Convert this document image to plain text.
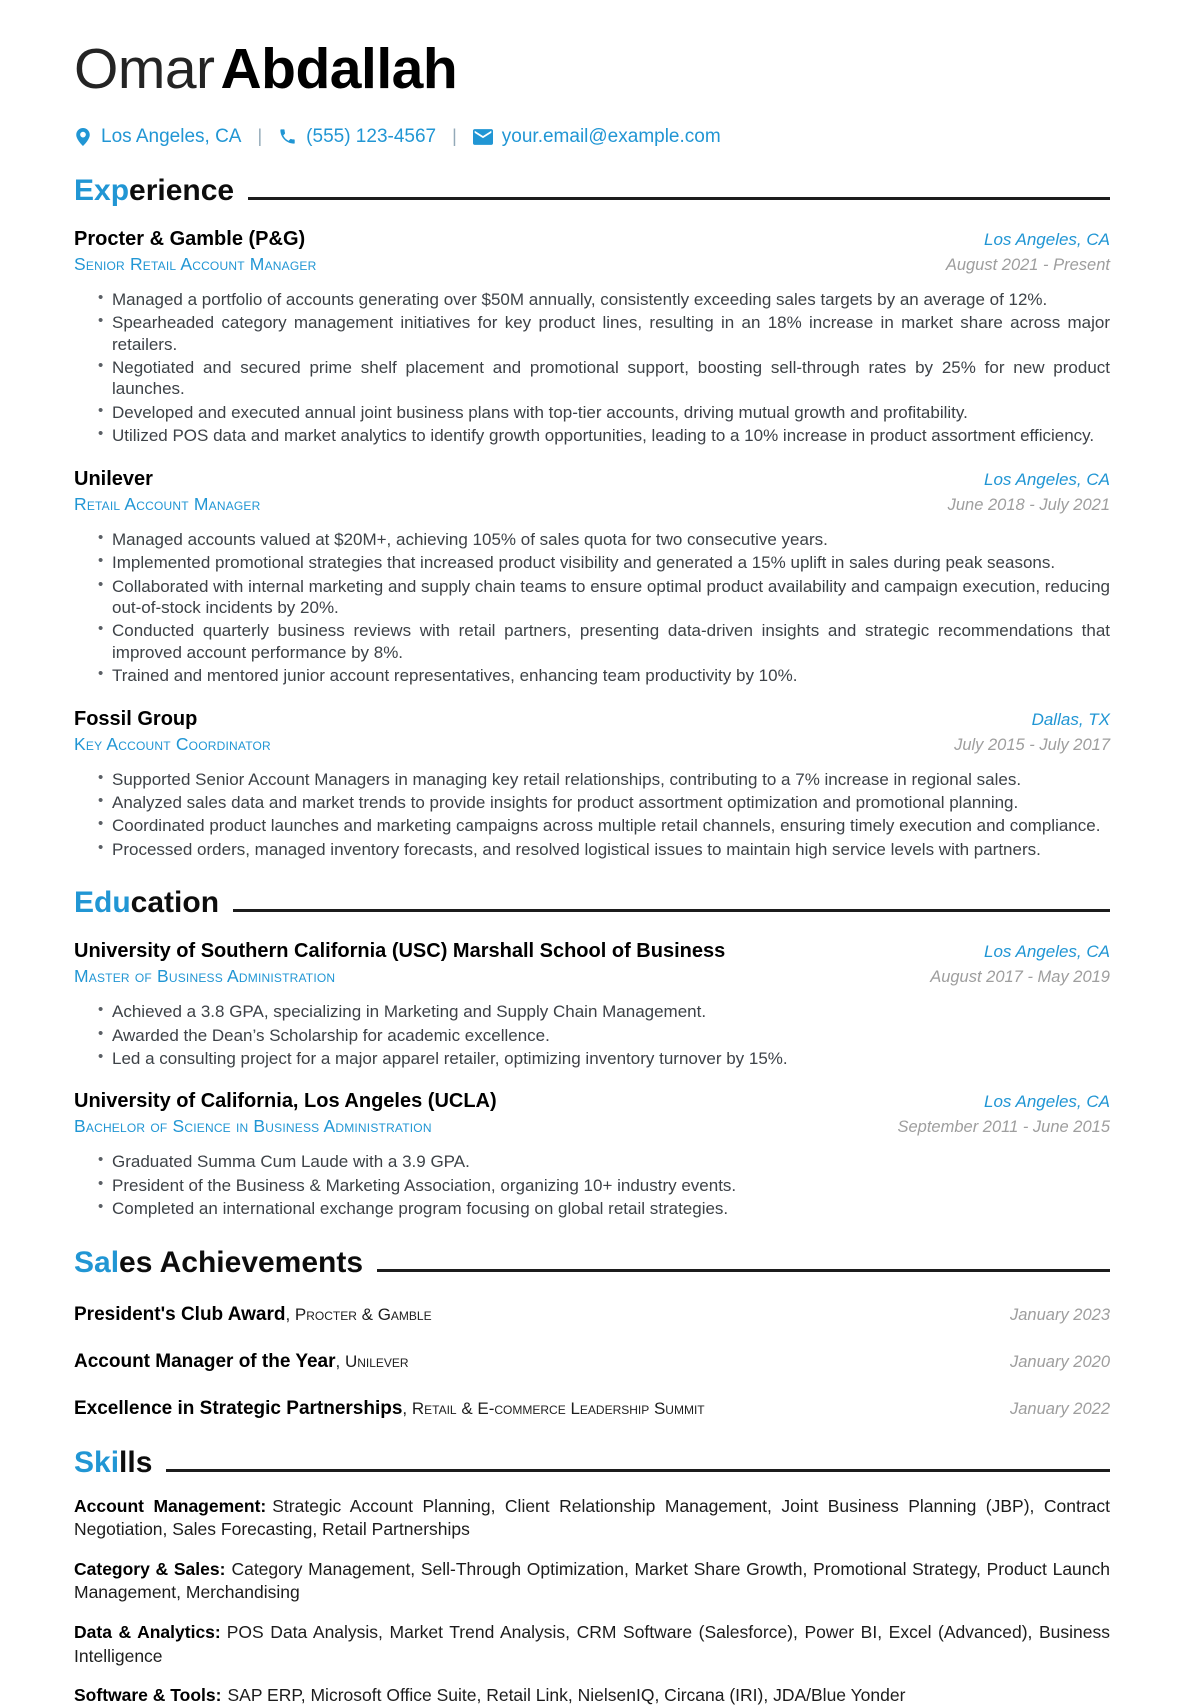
Omar Abdallah
Los Angeles, CA | (555) 123-4567 | your.email@example.com
Exp erience
Procter & Gamble (P&G)	Los Angeles, CA
Senior Retail Account Manager	August 2021 - Present
• Managed a portfolio of accounts generating over $50M annually, consistently exceeding sales targets by an average of 12%.
• Spearheaded category management initiatives for key product lines, resulting in an 18% increase in market share across major retailers.
• Negotiated and secured prime shelf placement and promotional support, boosting sell-through rates by 25% for new product launches.
• Developed and executed annual joint business plans with top-tier accounts, driving mutual growth and profitability.
• Utilized POS data and market analytics to identify growth opportunities, leading to a 10% increase in product assortment efficiency.
Unilever	Los Angeles, CA
Retail Account Manager	June 2018 - July 2021
• Managed accounts valued at $20M+, achieving 105% of sales quota for two consecutive years.
• Implemented promotional strategies that increased product visibility and generated a 15% uplift in sales during peak seasons.
• Collaborated with internal marketing and supply chain teams to ensure optimal product availability and campaign execution, reducing out-of-stock incidents by 20%.
• Conducted quarterly business reviews with retail partners, presenting data-driven insights and strategic recommendations that improved account performance by 8%.
• Trained and mentored junior account representatives, enhancing team productivity by 10%.
Fossil Group	Dallas, TX
Key Account Coordinator	July 2015 - July 2017
• Supported Senior Account Managers in managing key retail relationships, contributing to a 7% increase in regional sales.
• Analyzed sales data and market trends to provide insights for product assortment optimization and promotional planning.
• Coordinated product launches and marketing campaigns across multiple retail channels, ensuring timely execution and compliance.
• Processed orders, managed inventory forecasts, and resolved logistical issues to maintain high service levels with partners.
Edu cation
University of Southern California (USC) Marshall School of Business	Los Angeles, CA
Master of Business Administration	August 2017 - May 2019
• Achieved a 3.8 GPA, specializing in Marketing and Supply Chain Management.
• Awarded the Dean’s Scholarship for academic excellence.
• Led a consulting project for a major apparel retailer, optimizing inventory turnover by 15%.
University of California, Los Angeles (UCLA)	Los Angeles, CA
Bachelor of Science in Business Administration	September 2011 - June 2015
• Graduated Summa Cum Laude with a 3.9 GPA.
• President of the Business & Marketing Association, organizing 10+ industry events.
• Completed an international exchange program focusing on global retail strategies.
Sal es Achievements
President's Club Award, Procter & Gamble	January 2023
Account Manager of the Year, Unilever	January 2020
Excellence in Strategic Partnerships, Retail & E-commerce Leadership Summit	January 2022
Ski lls

Account Management: Strategic Account Planning, Client Relationship Management, Joint Business Planning (JBP), Contract Negotiation, Sales Forecasting, Retail Partnerships

Category & Sales: Category Management, Sell-Through Optimization, Market Share Growth, Promotional Strategy, Product Launch Management, Merchandising

Data & Analytics: POS Data Analysis, Market Trend Analysis, CRM Software (Salesforce), Power BI, Excel (Advanced), Business Intelligence

Software & Tools: SAP ERP, Microsoft Office Suite, Retail Link, NielsenIQ, Circana (IRI), JDA/Blue Yonder
